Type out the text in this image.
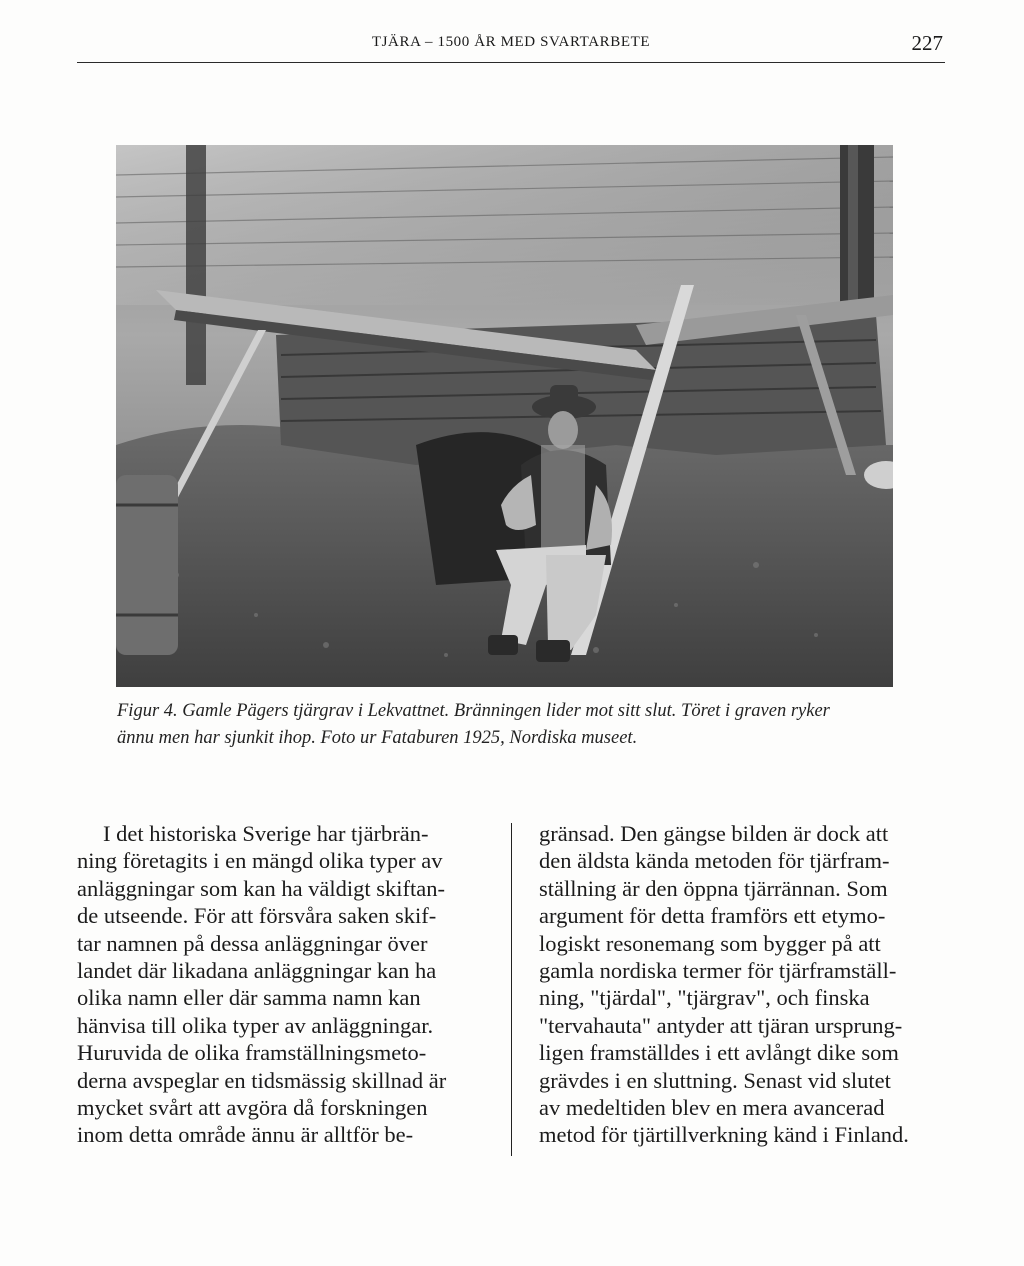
TJÄRA – 1500 ÅR MED SVARTARBETE	227
Figur 4. Gamle Pägers tjärgrav i Lekvattnet. Bränningen lider mot sitt slut. Töret i graven ryker
ännu men har sjunkit ihop. Foto ur Fataburen 1925, Nordiska museet.
I det historiska Sverige har tjärbrän-
ning företagits i en mängd olika typer av
anläggningar som kan ha väldigt skiftan-
de utseende. För att försvåra saken skif-
tar namnen på dessa anläggningar över
landet där likadana anläggningar kan ha
olika namn eller där samma namn kan
hänvisa till olika typer av anläggningar.
Huruvida de olika framställningsmeto-
derna avspeglar en tidsmässig skillnad är
mycket svårt att avgöra då forskningen
inom detta område ännu är alltför be-
gränsad. Den gängse bilden är dock att
den äldsta kända metoden för tjärfram-
ställning är den öppna tjärrännan. Som
argument för detta framförs ett etymo-
logiskt resonemang som bygger på att
gamla nordiska termer för tjärframställ-
ning, "tjärdal", "tjärgrav", och finska
"tervahauta" antyder att tjäran ursprung-
ligen framställdes i ett avlångt dike som
grävdes i en sluttning. Senast vid slutet
av medeltiden blev en mera avancerad
metod för tjärtillverkning känd i Finland.
